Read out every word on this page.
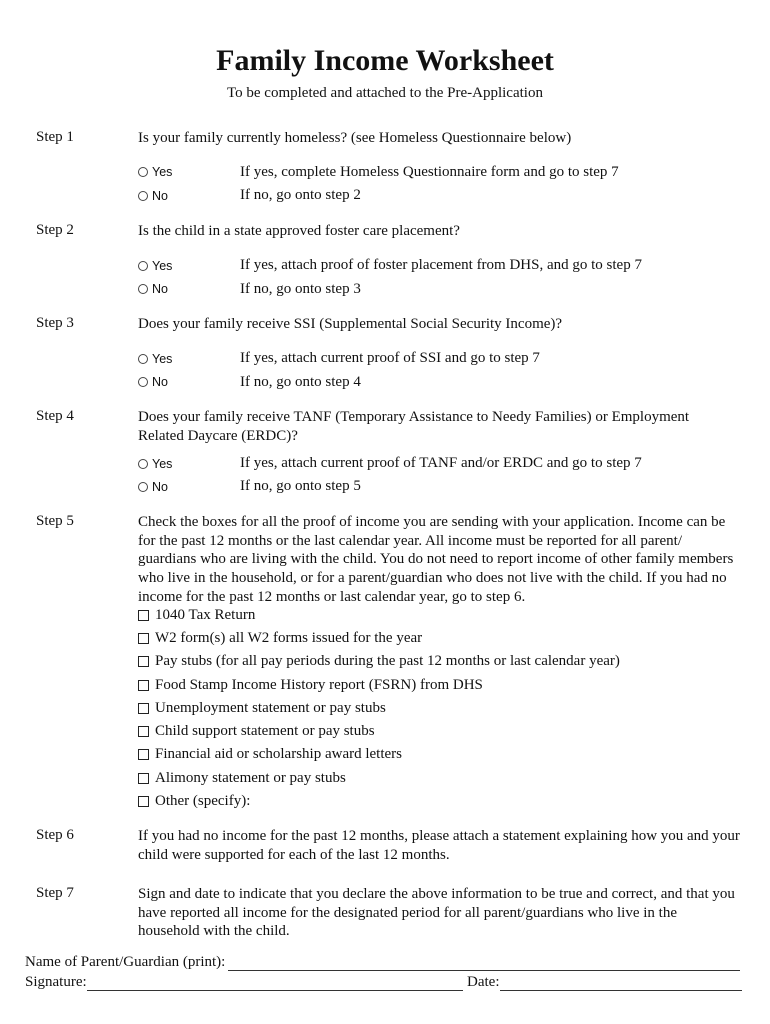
Family Income Worksheet
To be completed and attached to the Pre-Application
Step 1	Is your family currently homeless? (see Homeless Questionnaire below)
Yes	If yes, complete Homeless Questionnaire form and go to step 7
No	If no, go onto step 2
Step 2	Is the child in a state approved foster care placement?
Yes	If yes, attach proof of foster placement from DHS, and go to step 7
No	If no, go onto step 3
Step 3	Does your family receive SSI (Supplemental Social Security Income)?
Yes	If yes, attach current proof of SSI and go to step 7
No	If no, go onto step 4
Step 4	Does your family receive TANF (Temporary Assistance to Needy Families) or Employment
Related Daycare (ERDC)?
Yes	If yes, attach current proof of TANF and/or ERDC and go to step 7
No	If no, go onto step 5
Step 5	Check the boxes for all the proof of income you are sending with your application. Income can be
for the past 12 months or the last calendar year. All income must be reported for all parent/
guardians who are living with the child. You do not need to report income of other family members
who live in the household, or for a parent/guardian who does not live with the child. If you had no
income for the past 12 months or last calendar year, go to step 6.
1040 Tax Return
W2 form(s) all W2 forms issued for the year
Pay stubs (for all pay periods during the past 12 months or last calendar year)
Food Stamp Income History report (FSRN) from DHS
Unemployment statement or pay stubs
Child support statement or pay stubs
Financial aid or scholarship award letters
Alimony statement or pay stubs
Other (specify):
Step 6	If you had no income for the past 12 months, please attach a statement explaining how you and your
child were supported for each of the last 12 months.
Step 7	Sign and date to indicate that you declare the above information to be true and correct, and that you
have reported all income for the designated period for all parent/guardians who live in the
household with the child.
Name of Parent/Guardian (print):
Signature:	Date:
